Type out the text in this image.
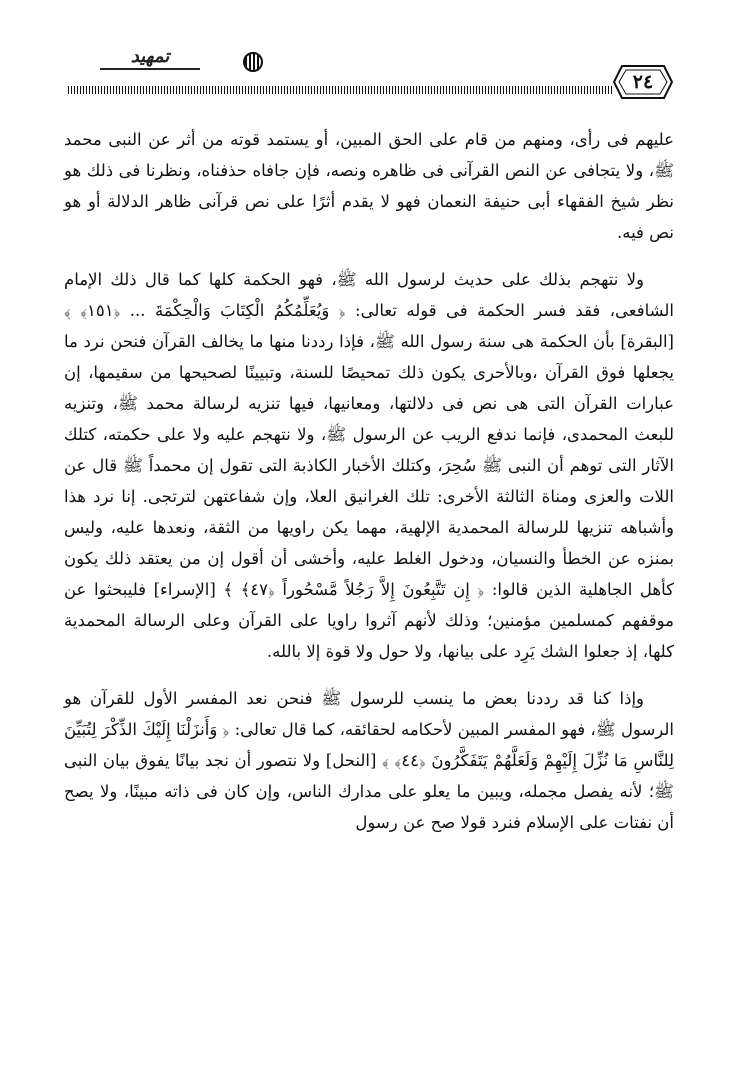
تمهيد
٢٤

عليهم فى رأى، ومنهم من قام على الحق المبين، أو يستمد قوته من أثر عن النبى محمد ﷺ، ولا يتجافى عن النص القرآنى فى ظاهره ونصه، فإن جافاه حذفناه، ونظرنا فى ذلك هو نظر شيخ الفقهاء أبى حنيفة النعمان فهو لا يقدم أثرًا على نص قرآنى ظاهر الدلالة أو هو نص فيه.

ولا نتهجم بذلك على حديث لرسول الله ﷺ، فهو الحكمة كلها كما قال ذلك الإمام الشافعى، فقد فسر الحكمة فى قوله تعالى: ﴿ وَيُعَلِّمُكُمُ الْكِتَابَ وَالْحِكْمَةَ ... ﴿١٥١﴾ ﴾ [البقرة] بأن الحكمة هى سنة رسول الله ﷺ، فإذا رددنا منها ما يخالف القرآن فنحن نرد ما يجعلها فوق القرآن ،وبالأحرى يكون ذلك تمحيصًا للسنة، وتبيينًا لصحيحها من سقيمها، إن عبارات القرآن التى هى نص فى دلالتها، ومعانيها، فيها تنزيه لرسالة محمد ﷺ، وتنزيه للبعث المحمدى، فإنما ندفع الريب عن الرسول ﷺ، ولا نتهجم عليه ولا على حكمته، كتلك الآثار التى توهم أن النبى ﷺ سُحِرَ، وكتلك الأخبار الكاذبة التى تقول إن محمداً ﷺ قال عن اللات والعزى ومناة الثالثة الأخرى: تلك الغرانيق العلا، وإن شفاعتهن لترتجى. إنا نرد هذا وأشباهه تنزيها للرسالة المحمدية الإلهية، مهما يكن راويها من الثقة، ونعدها عليه، وليس بمنزه عن الخطأ والنسيان، ودخول الغلط عليه، وأخشى أن أقول إن من يعتقد ذلك يكون كأهل الجاهلية الذين قالوا: ﴿ إِن تَتَّبِعُونَ إِلاَّ رَجُلاً مَّسْحُوراً ﴿٤٧﴾ ﴾ [الإسراء] فليبحثوا عن موقفهم كمسلمين مؤمنين؛ وذلك لأنهم آثروا راويا على القرآن وعلى الرسالة المحمدية كلها، إذ جعلوا الشك يَرِد على بيانها، ولا حول ولا قوة إلا بالله.

وإذا كنا قد رددنا بعض ما ينسب للرسول ﷺ فنحن نعد المفسر الأول للقرآن هو الرسول ﷺ، فهو المفسر المبين لأحكامه لحقائقه، كما قال تعالى: ﴿ وَأَنزَلْنَا إِلَيْكَ الذِّكْرَ لِتُبَيِّنَ لِلنَّاسِ مَا نُزِّلَ إِلَيْهِمْ وَلَعَلَّهُمْ يَتَفَكَّرُونَ ﴿٤٤﴾ ﴾ [النحل] ولا نتصور أن نجد بيانًا يفوق بيان النبى ﷺ؛ لأنه يفصل مجمله، ويبين ما يعلو على مدارك الناس، وإن كان فى ذاته مبينًا، ولا يصح أن نفتات على الإسلام فنرد قولا صح عن رسول
